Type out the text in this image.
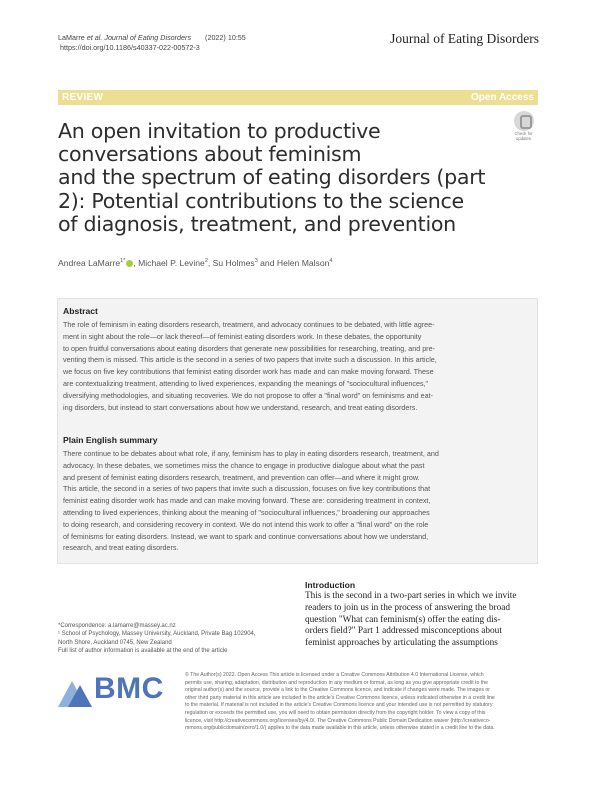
LaMarre et al. Journal of Eating Disorders (2022) 10:55
https://doi.org/10.1186/s40337-022-00572-3
Journal of Eating Disorders
REVIEW	Open Access
Check for
updates
An open invitation to productive
conversations about feminism
and the spectrum of eating disorders (part
2): Potential contributions to the science
of diagnosis, treatment, and prevention
Andrea LaMarre$^{1*}$ , Michael P. Levine$^2$, Su Holmes$^3$ and Helen Malson$^4$
Abstract
The role of feminism in eating disorders research, treatment, and advocacy continues to be debated, with little agree-
ment in sight about the role—or lack thereof—of feminist eating disorders work. In these debates, the opportunity
to open fruitful conversations about eating disorders that generate new possibilities for researching, treating, and pre-
venting them is missed. This article is the second in a series of two papers that invite such a discussion. In this article,
we focus on five key contributions that feminist eating disorder work has made and can make moving forward. These
are contextualizing treatment, attending to lived experiences, expanding the meanings of "sociocultural influences,"
diversifying methodologies, and situating recoveries. We do not propose to offer a "final word" on feminisms and eat-
ing disorders, but instead to start conversations about how we understand, research, and treat eating disorders.
Plain English summary
There continue to be debates about what role, if any, feminism has to play in eating disorders research, treatment, and
advocacy. In these debates, we sometimes miss the chance to engage in productive dialogue about what the past
and present of feminist eating disorders research, treatment, and prevention can offer—and where it might grow.
This article, the second in a series of two papers that invite such a discussion, focuses on five key contributions that
feminist eating disorder work has made and can make moving forward. These are: considering treatment in context,
attending to lived experiences, thinking about the meaning of "sociocultural influences," broadening our approaches
to doing research, and considering recovery in context. We do not intend this work to offer a "final word" on the role
of feminisms for eating disorders. Instead, we want to spark and continue conversations about how we understand,
research, and treat eating disorders.
Introduction
This is the second in a two-part series in which we invite
readers to join us in the process of answering the broad
question "What can feminism(s) offer the eating dis-
orders field?" Part 1 addressed misconceptions about
feminist approaches by articulating the assumptions
*Correspondence: a.lamarre@massey.ac.nz
¹ School of Psychology, Massey University, Auckland, Private Bag 102904,
North Shore, Auckland 0745, New Zealand
Full list of author information is available at the end of the article
BMC	© The Author(s) 2022. Open Access This article is licensed under a Creative Commons Attribution 4.0 International License, which
permits use, sharing, adaptation, distribution and reproduction in any medium or format, as long as you give appropriate credit to the
original author(s) and the source, provide a link to the Creative Commons licence, and indicate if changes were made. The images or
other third party material in this article are included in the article's Creative Commons licence, unless indicated otherwise in a credit line
to the material. If material is not included in the article's Creative Commons licence and your intended use is not permitted by statutory
regulation or exceeds the permitted use, you will need to obtain permission directly from the copyright holder. To view a copy of this
licence, visit http://creativecommons.org/licenses/by/4.0/. The Creative Commons Public Domain Dedication waiver (http://creativeco-
mmons.org/publicdomain/zero/1.0/) applies to the data made available in this article, unless otherwise stated in a credit line to the data.
